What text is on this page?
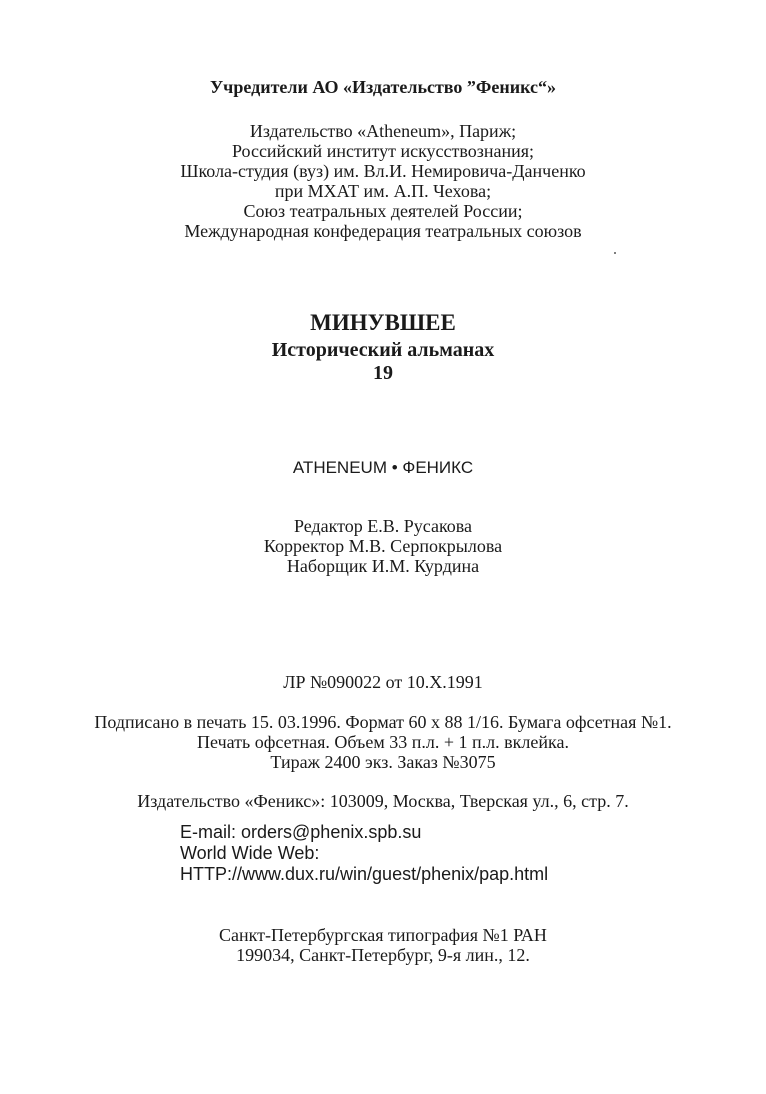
Учредители АО «Издательство ”Феникс“»
Издательство «Atheneum», Париж;
Российский институт искусствознания;
Школа-студия (вуз) им. Вл.И. Немировича-Данченко
при МХАТ им. А.П. Чехова;
Союз театральных деятелей России;
Международная конфедерация театральных союзов
МИНУВШЕЕ
Исторический альманах
19
ATHENEUM • ФЕНИКС
Редактор Е.В. Русакова
Корректор М.В. Серпокрылова
Наборщик И.М. Курдина
ЛР №090022 от 10.X.1991
Подписано в печать 15. 03.1996. Формат 60 x 88 1/16. Бумага офсетная №1.
Печать офсетная. Объем 33 п.л. + 1 п.л. вклейка.
Тираж 2400 экз. Заказ №3075
Издательство «Феникс»: 103009, Москва, Тверская ул., 6, стр. 7.
E-mail: orders@phenix.spb.su
World Wide Web:
HTTP://www.dux.ru/win/guest/phenix/pap.html
Санкт-Петербургская типография №1 РАН
199034, Санкт-Петербург, 9-я лин., 12.
